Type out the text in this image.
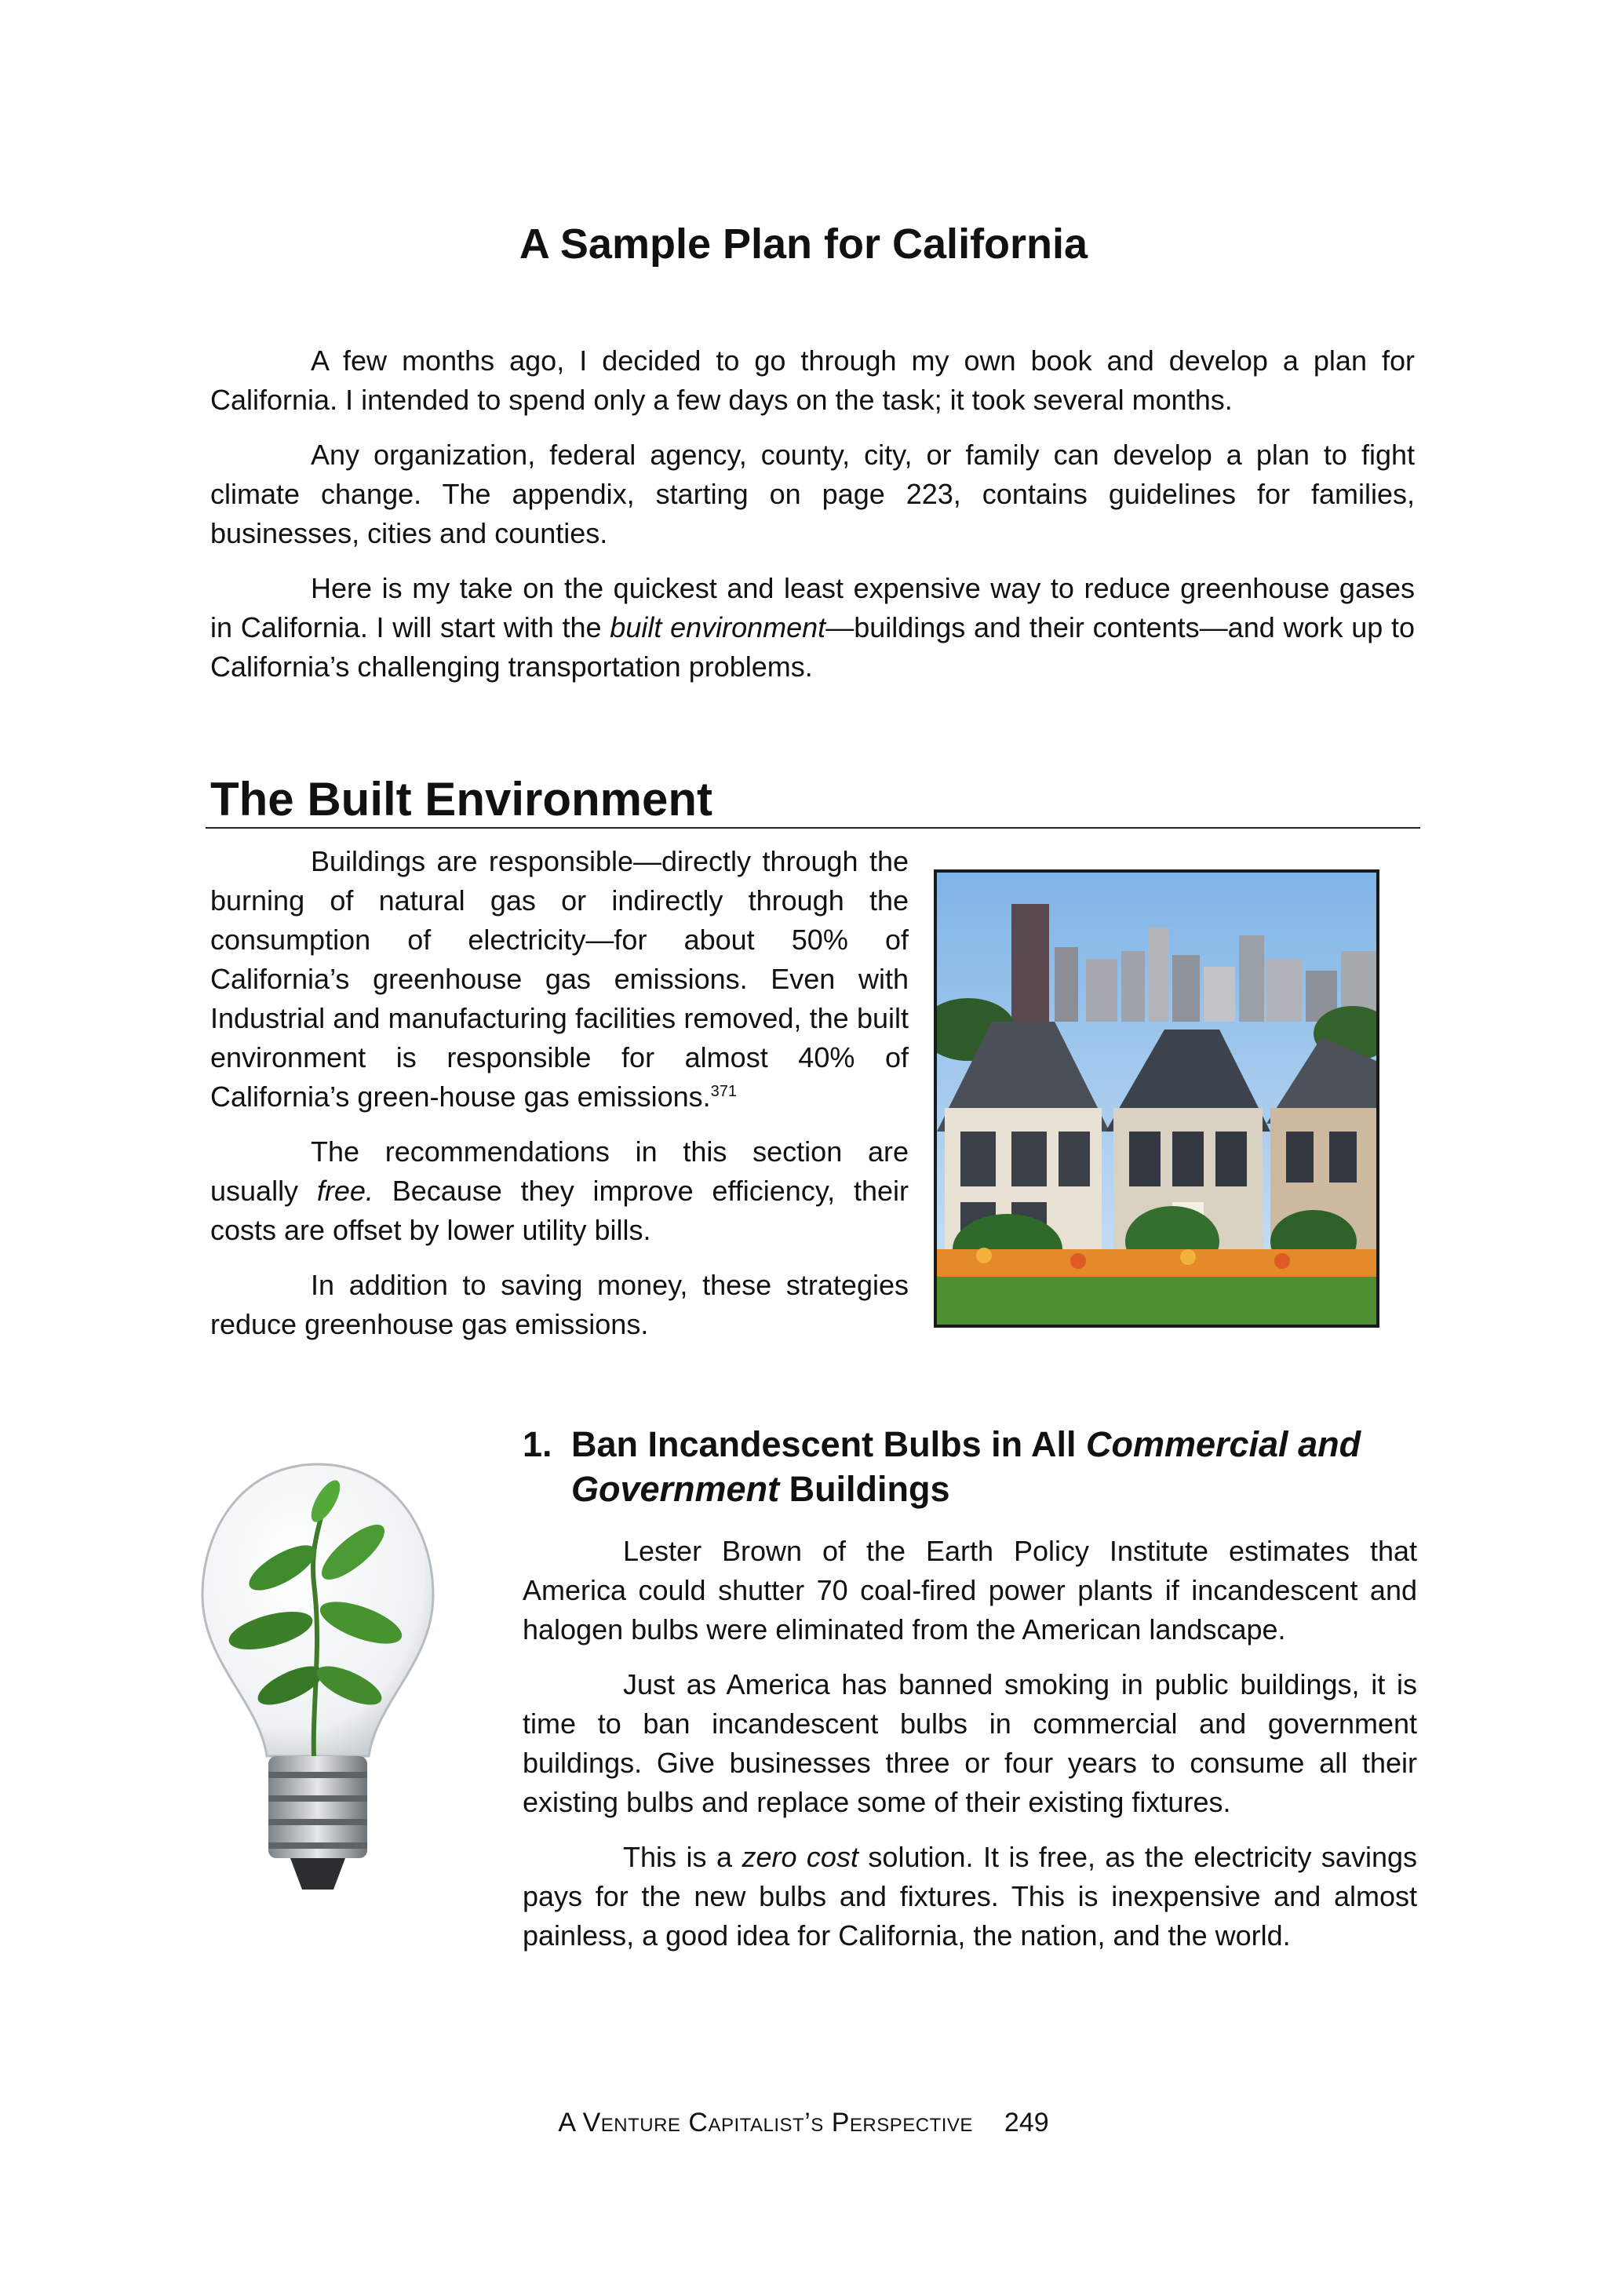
A Sample Plan for California

A few months ago, I decided to go through my own book and develop a plan for California. I intended to spend only a few days on the task; it took several months.

Any organization, federal agency, county, city, or family can develop a plan to fight climate change. The appendix, starting on page 223, contains guidelines for families, businesses, cities and counties.

Here is my take on the quickest and least expensive way to reduce greenhouse gases in California. I will start with the built environment—buildings and their contents—and work up to California’s challenging transportation problems.

The Built Environment

Buildings are responsible—directly through the burning of natural gas or indirectly through the consumption of electricity—for about 50% of California’s greenhouse gas emissions. Even with Industrial and manufacturing facilities removed, the built environment is responsible for almost 40% of California’s green-house gas emissions.$^{371}$

The recommendations in this section are usually free. Because they improve efficiency, their costs are offset by lower utility bills.

In addition to saving money, these strategies reduce greenhouse gas emissions.

1. Ban Incandescent Bulbs in All Commercial and
Government Buildings

Lester Brown of the Earth Policy Institute estimates that America could shutter 70 coal-fired power plants if incandescent and halogen bulbs were eliminated from the American landscape.

Just as America has banned smoking in public buildings, it is time to ban incandescent bulbs in commercial and government buildings. Give businesses three or four years to consume all their existing bulbs and replace some of their existing fixtures.

This is a zero cost solution. It is free, as the electricity savings pays for the new bulbs and fixtures. This is inexpensive and almost painless, a good idea for California, the nation, and the world.

A Venture Capitalist’s Perspective 249
